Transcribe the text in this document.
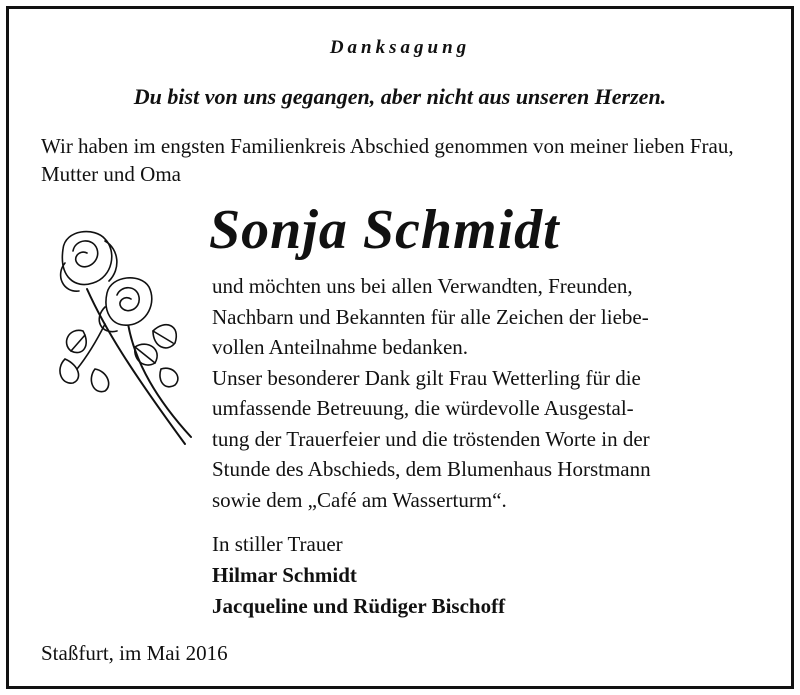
Danksagung
Du bist von uns gegangen, aber nicht aus unseren Herzen.

Wir haben im engsten Familienkreis Abschied genommen von meiner lieben Frau, Mutter und Oma

Sonja Schmidt

und möchten uns bei allen Verwandten, Freunden,
Nachbarn und Bekannten für alle Zeichen der liebe-
vollen Anteilnahme bedanken.
Unser besonderer Dank gilt Frau Wetterling für die
umfassende Betreuung, die würdevolle Ausgestal-
tung der Trauerfeier und die tröstenden Worte in der
Stunde des Abschieds, dem Blumenhaus Horstmann
sowie dem „Café am Wasserturm“.

In stiller Trauer
Hilmar Schmidt
Jacqueline und Rüdiger Bischoff
Staßfurt, im Mai 2016
